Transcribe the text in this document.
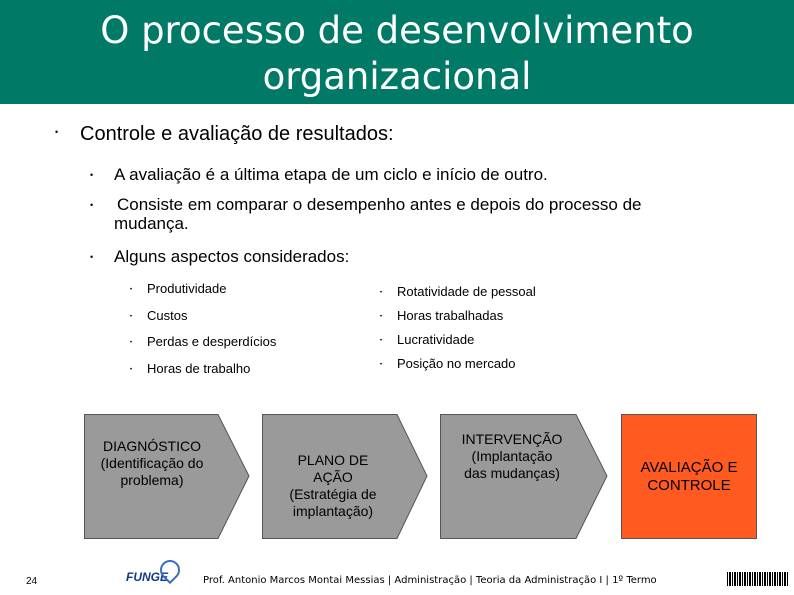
O processo de desenvolvimento
organizacional
• Controle e avaliação de resultados:
• A avaliação é a última etapa de um ciclo e início de outro.
• Consiste em comparar o desempenho antes e depois do processo de
mudança.
• Alguns aspectos considerados:
• Produtividade
• Custos
• Perdas e desperdícios
• Horas de trabalho
• Rotatividade de pessoal
• Horas trabalhadas
• Lucratividade
• Posição no mercado
DIAGNÓSTICO
(Identificação do
problema)
PLANO DE
AÇÃO
(Estratégia de
implantação)
INTERVENÇÃO
(Implantação
das mudanças)	AVALIAÇÃO E
CONTROLE
24	FUNGE	Prof. Antonio Marcos Montai Messias | Administração | Teoria da Administração I | 1º Termo
